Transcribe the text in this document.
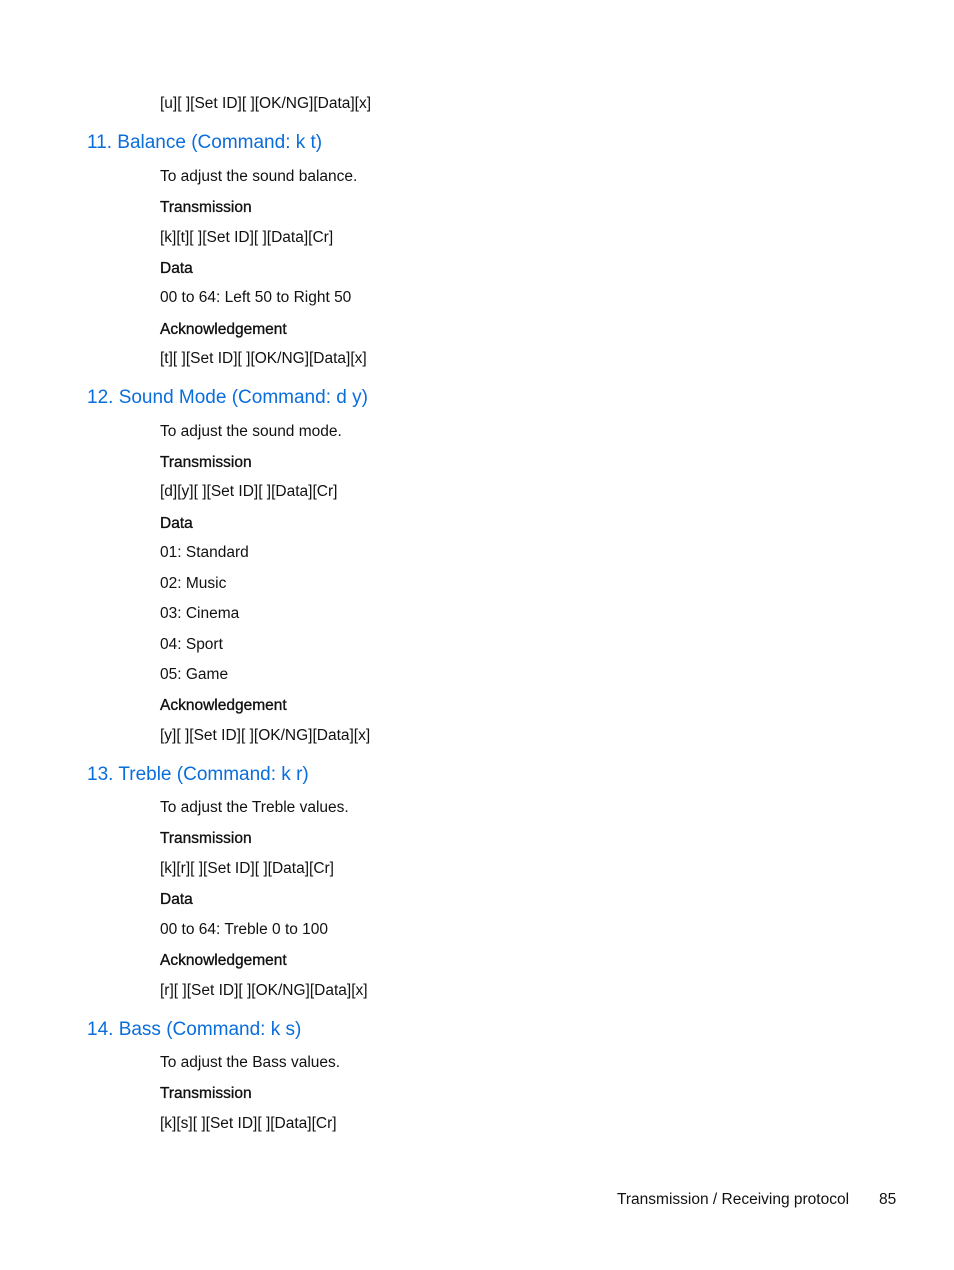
[u][ ][Set ID][ ][OK/NG][Data][x]
11. Balance (Command: k t)
To adjust the sound balance.
Transmission
[k][t][ ][Set ID][ ][Data][Cr]
Data
00 to 64: Left 50 to Right 50
Acknowledgement
[t][ ][Set ID][ ][OK/NG][Data][x]
12. Sound Mode (Command: d y)
To adjust the sound mode.
Transmission
[d][y][ ][Set ID][ ][Data][Cr]
Data
01: Standard
02: Music
03: Cinema
04: Sport
05: Game
Acknowledgement
[y][ ][Set ID][ ][OK/NG][Data][x]
13. Treble (Command: k r)
To adjust the Treble values.
Transmission
[k][r][ ][Set ID][ ][Data][Cr]
Data
00 to 64: Treble 0 to 100
Acknowledgement
[r][ ][Set ID][ ][OK/NG][Data][x]
14. Bass (Command: k s)
To adjust the Bass values.
Transmission
[k][s][ ][Set ID][ ][Data][Cr]
Transmission / Receiving protocol 85
